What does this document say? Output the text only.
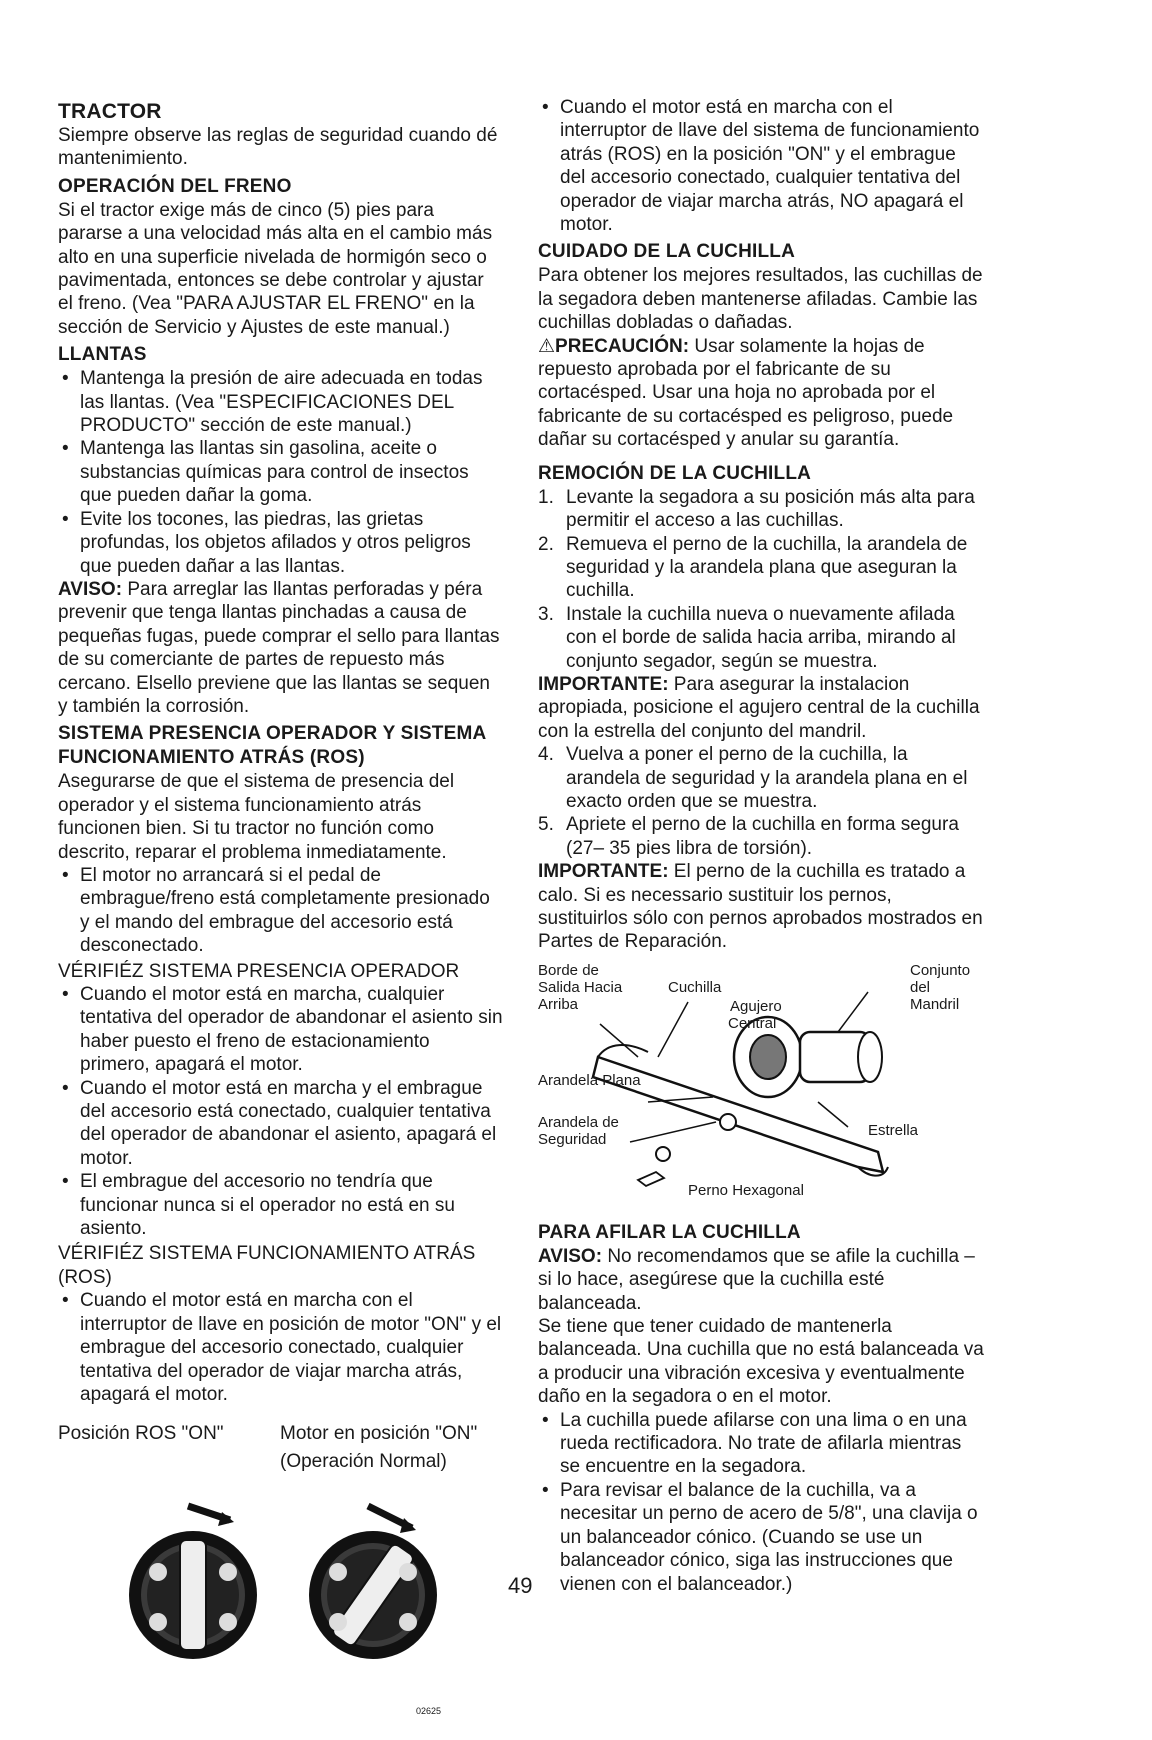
TRACTOR

Siempre observe las reglas de seguridad cuando dé mantenimiento.

OPERACIÓN DEL FRENO

Si el tractor exige más de cinco (5) pies para pararse a una velocidad más alta en el cambio más alto en una superficie nivelada de hormigón seco o pavimentada, entonces se debe controlar y ajustar el freno. (Vea "PARA AJUSTAR EL FRENO" en la sección de Servicio y Ajustes de este manual.)

LLANTAS

• Mantenga la presión de aire adecuada en todas las llantas. (Vea "ESPECIFICACIONES DEL PRODUCTO" sección de este manual.)

• Mantenga las llantas sin gasolina, aceite o substancias químicas para control de insectos que pueden dañar la goma.

• Evite los tocones, las piedras, las grietas profundas, los objetos afilados y otros peligros que pueden dañar a las llantas.

AVISO: Para arreglar las llantas perforadas y péra prevenir que tenga llantas pinchadas a causa de pequeñas fugas, puede comprar el sello para llantas de su comerciante de partes de repuesto más cercano. Elsello previene que las llantas se sequen y también la corrosión.

SISTEMA PRESENCIA OPERADOR Y SISTEMA FUNCIONAMIENTO ATRÁS (ROS)

Asegurarse de que el sistema de presencia del operador y el sistema funcionamiento atrás funcionen bien. Si tu tractor no función como descrito, reparar el problema inmediatamente.

• El motor no arrancará si el pedal de embrague/freno está completamente presionado y el mando del embrague del accesorio está desconectado.

VÉRIFIÉZ SISTEMA PRESENCIA OPERADOR

• Cuando el motor está en marcha, cualquier tentativa del operador de abandonar el asiento sin haber puesto el freno de estacionamiento primero, apagará el motor.

• Cuando el motor está en marcha y el embrague del accesorio está conectado, cualquier tentativa del operador de abandonar el asiento, apagará el motor.

• El embrague del accesorio no tendría que funcionar nunca si el operador no está en su asiento.

VÉRIFIÉZ SISTEMA FUNCIONAMIENTO ATRÁS (ROS)

• Cuando el motor está en marcha con el interruptor de llave en posición de motor "ON" y el embrague del accesorio conectado, cualquier tentativa del operador de viajar marcha atrás, apagará el motor.

Posición ROS "ON"	Motor en posición "ON"
(Operación Normal)
02625

• Cuando el motor está en marcha con el interruptor de llave del sistema de funcionamiento atrás (ROS) en la posición "ON" y el embrague del accesorio conectado, cualquier tentativa del operador de viajar marcha atrás, NO apagará el motor.

CUIDADO DE LA CUCHILLA

Para obtener los mejores resultados, las cuchillas de la segadora deben mantenerse afiladas. Cambie las cuchillas dobladas o dañadas.

⚠PRECAUCIÓN: Usar solamente la hojas de repuesto aprobada por el fabricante de su cortacésped. Usar una hoja no aprobada por el fabricante de su cortacésped es peligroso, puede dañar su cortacésped y anular su garantía.

REMOCIÓN DE LA CUCHILLA

1. Levante la segadora a su posición más alta para permitir el acceso a las cuchillas.

2. Remueva el perno de la cuchilla, la arandela de seguridad y la arandela plana que aseguran la cuchilla.

3. Instale la cuchilla nueva o nuevamente afilada con el borde de salida hacia arriba, mirando al conjunto segador, según se muestra.

IMPORTANTE: Para asegurar la instalacion apropiada, posicione el agujero central de la cuchilla con la estrella del conjunto del mandril.

4. Vuelva a poner el perno de la cuchilla, la arandela de seguridad y la arandela plana en el exacto orden que se muestra.

5. Apriete el perno de la cuchilla en forma segura (27– 35 pies libra de torsión).

IMPORTANTE: El perno de la cuchilla es tratado a calo. Si es necessario sustituir los pernos, sustituirlos sólo con pernos aprobados mostrados en Partes de Reparación.

Borde de
Salida Hacia
Arriba
Cuchilla
Agujero
Central
Conjunto
del
Mandril
Arandela Plana
Arandela de
Seguridad
Estrella
Perno Hexagonal
PARA AFILAR LA CUCHILLA

AVISO: No recomendamos que se afile la cuchilla – si lo hace, asegúrese que la cuchilla esté balanceada.

Se tiene que tener cuidado de mantenerla balanceada. Una cuchilla que no está balanceada va a producir una vibración excesiva y eventualmente daño en la segadora o en el motor.

• La cuchilla puede afilarse con una lima o en una rueda rectificadora. No trate de afilarla mientras se encuentre en la segadora.

• Para revisar el balance de la cuchilla, va a necesitar un perno de acero de 5/8", una clavija o un balanceador cónico. (Cuando se use un balanceador cónico, siga las instrucciones que vienen con el balanceador.)

49
